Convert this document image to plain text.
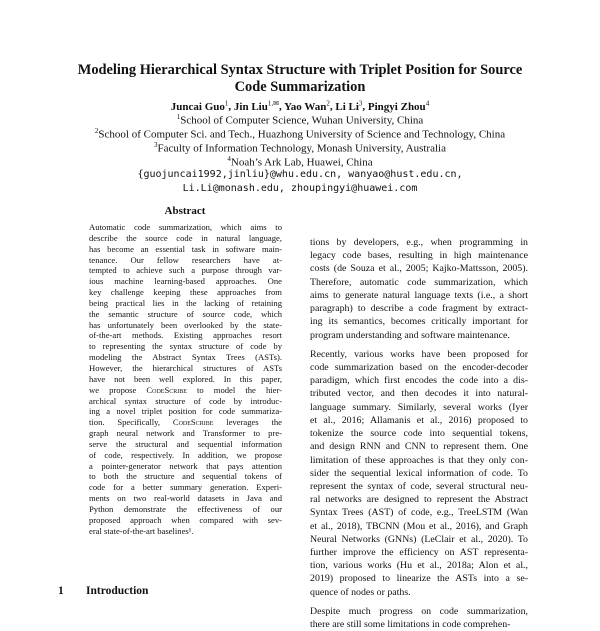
Modeling Hierarchical Syntax Structure with Triplet Position for Source
Code Summarization
Juncai Guo$^1$, Jin Liu$^{1,✉}$, Yao Wan$^2$, Li Li$^3$, Pingyi Zhou$^4$
$^1$School of Computer Science, Wuhan University, China
$^2$School of Computer Sci. and Tech., Huazhong University of Science and Technology, China
$^3$Faculty of Information Technology, Monash University, Australia
$^4$Noah’s Ark Lab, Huawei, China
{guojuncai1992,jinliu}@whu.edu.cn, wanyao@hust.edu.cn,
Li.Li@monash.edu, zhoupingyi@huawei.com
Abstract
Automatic code summarization, which aims to
describe the source code in natural language,
has become an essential task in software main-
tenance. Our fellow researchers have at-
tempted to achieve such a purpose through var-
ious machine learning-based approaches. One
key challenge keeping these approaches from
being practical lies in the lacking of retaining
the semantic structure of source code, which
has unfortunately been overlooked by the state-
of-the-art methods. Existing approaches resort
to representing the syntax structure of code by
modeling the Abstract Syntax Trees (ASTs).
However, the hierarchical structures of ASTs
have not been well explored. In this paper,
we propose CodeScribe to model the hier-
archical syntax structure of code by introduc-
ing a novel triplet position for code summariza-
tion. Specifically, CodeScribe leverages the
graph neural network and Transformer to pre-
serve the structural and sequential information
of code, respectively. In addition, we propose
a pointer-generator network that pays attention
to both the structure and sequential tokens of
code for a better summary generation. Experi-
ments on two real-world datasets in Java and
Python demonstrate the effectiveness of our
proposed approach when compared with sev-
eral state-of-the-art baselines¹.
tions by developers, e.g., when programming in
legacy code bases, resulting in high maintenance
costs (de Souza et al., 2005; Kajko-Mattsson, 2005).
Therefore, automatic code summarization, which
aims to generate natural language texts (i.e., a short
paragraph) to describe a code fragment by extract-
ing its semantics, becomes critically important for
program understanding and software maintenance.
Recently, various works have been proposed for
code summarization based on the encoder-decoder
paradigm, which first encodes the code into a dis-
tributed vector, and then decodes it into natural-
language summary. Similarly, several works (Iyer
et al., 2016; Allamanis et al., 2016) proposed to
tokenize the source code into sequential tokens,
and design RNN and CNN to represent them. One
limitation of these approaches is that they only con-
sider the sequential lexical information of code. To
represent the syntax of code, several structural neu-
ral networks are designed to represent the Abstract
Syntax Trees (AST) of code, e.g., TreeLSTM (Wan
et al., 2018), TBCNN (Mou et al., 2016), and Graph
Neural Networks (GNNs) (LeClair et al., 2020). To
further improve the efficiency on AST representa-
tion, various works (Hu et al., 2018a; Alon et al.,
2019) proposed to linearize the ASTs into a se-
quence of nodes or paths.
Despite much progress on code summarization,
there are still some limitations in code comprehen-
1 Introduction
